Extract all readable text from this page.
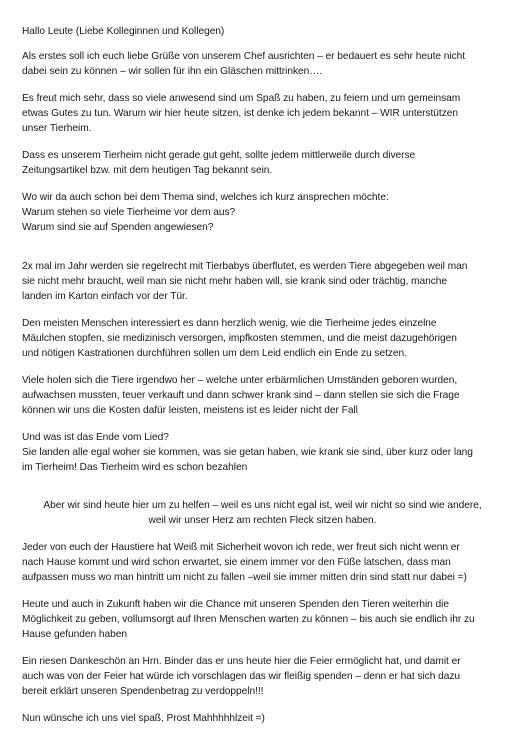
Hallo Leute (Liebe Kolleginnen und Kollegen)

Als erstes soll ich euch liebe Grüße von unserem Chef ausrichten – er bedauert es sehr heute nicht
dabei sein zu können – wir sollen für ihn ein Gläschen mittrinken….
Es freut mich sehr, dass so viele anwesend sind um Spaß zu haben, zu feiern und um gemeinsam
etwas Gutes zu tun. Warum wir hier heute sitzen, ist denke ich jedem bekannt – WIR unterstützen
unser Tierheim.
Dass es unserem Tierheim nicht gerade gut geht, sollte jedem mittlerweile durch diverse
Zeitungsartikel bzw. mit dem heutigen Tag bekannt sein.
Wo wir da auch schon bei dem Thema sind, welches ich kurz ansprechen möchte:
Warum stehen so viele Tierheime vor dem aus?
Warum sind sie auf Spenden angewiesen?
2x mal im Jahr werden sie regelrecht mit Tierbabys überflutet, es werden Tiere abgegeben weil man
sie nicht mehr braucht, weil man sie nicht mehr haben will, sie krank sind oder trächtig, manche
landen im Karton einfach vor der Tür.
Den meisten Menschen interessiert es dann herzlich wenig, wie die Tierheime jedes einzelne
Mäulchen stopfen, sie medizinisch versorgen, impfkosten stemmen, und die meist dazugehörigen
und nötigen Kastrationen durchführen sollen um dem Leid endlich ein Ende zu setzen.
Viele holen sich die Tiere irgendwo her – welche unter erbärmlichen Umständen geboren wurden,
aufwachsen mussten, teuer verkauft und dann schwer krank sind – dann stellen sie sich die Frage
können wir uns die Kosten dafür leisten, meistens ist es leider nicht der Fall
Und was ist das Ende vom Lied?
Sie landen alle egal woher sie kommen, was sie getan haben, wie krank sie sind, über kurz oder lang
im Tierheim! Das Tierheim wird es schon bezahlen
Aber wir sind heute hier um zu helfen – weil es uns nicht egal ist, weil wir nicht so sind wie andere,
weil wir unser Herz am rechten Fleck sitzen haben.
Jeder von euch der Haustiere hat Weiß mit Sicherheit wovon ich rede, wer freut sich nicht wenn er
nach Hause kommt und wird schon erwartet, sie einem immer vor den Füße latschen, dass man
aufpassen muss wo man hintritt um nicht zu fallen –weil sie immer mitten drin sind statt nur dabei =)
Heute und auch in Zukunft haben wir die Chance mit unseren Spenden den Tieren weiterhin die
Möglichkeit zu geben, vollumsorgt auf Ihren Menschen warten zu können – bis auch sie endlich ihr zu
Hause gefunden haben
Ein riesen Dankeschön an Hrn. Binder das er uns heute hier die Feier ermöglicht hat, und damit er
auch was von der Feier hat würde ich vorschlagen das wir fleißig spenden – denn er hat sich dazu
bereit erklärt unseren Spendenbetrag zu verdoppeln!!!
Nun wünsche ich uns viel spaß, Prost Mahhhhhlzeit =)
